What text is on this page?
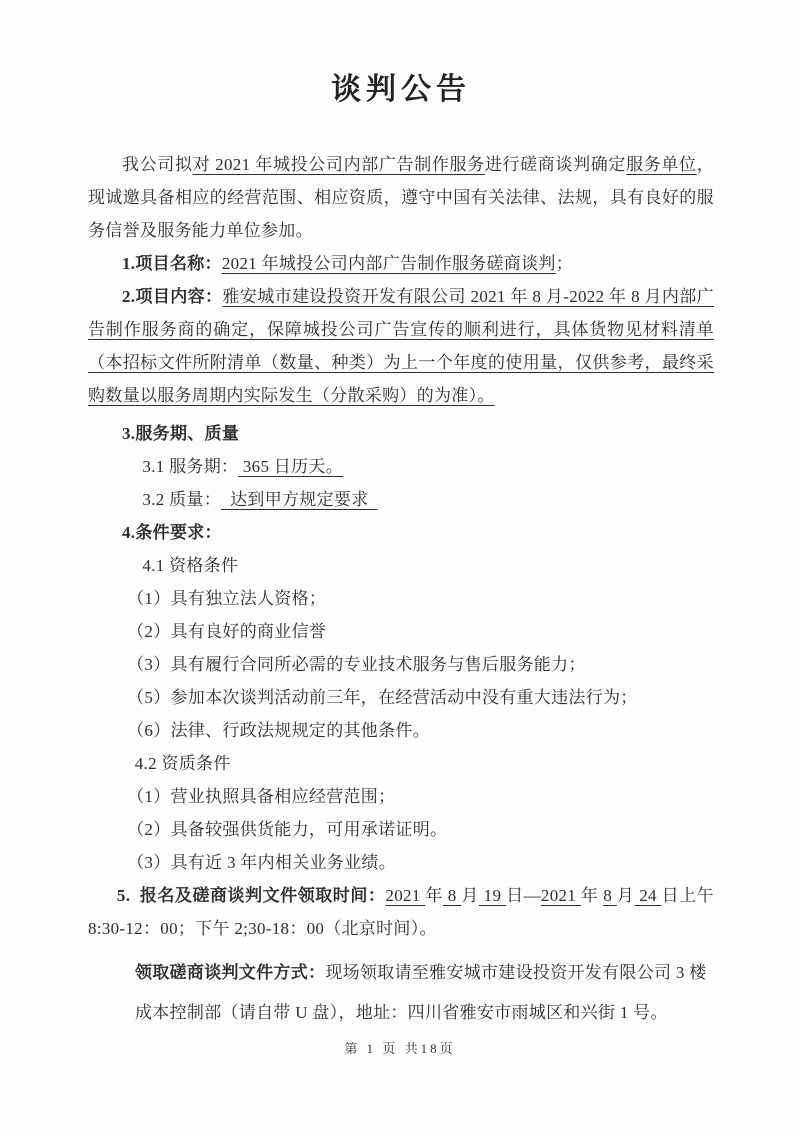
谈判公告

我公司拟对 2021 年城投公司内部广告制作服务进行磋商谈判确定服务单位，现诚邀具备相应的经营范围、相应资质，遵守中国有关法律、法规，具有良好的服务信誉及服务能力单位参加。

1.项目名称：2021 年城投公司内部广告制作服务磋商谈判；

2.项目内容：雅安城市建设投资开发有限公司 2021 年 8 月-2022 年 8 月内部广告制作服务商的确定，保障城投公司广告宣传的顺利进行，具体货物见材料清单（本招标文件所附清单（数量、种类）为上一个年度的使用量，仅供参考，最终采购数量以服务周期内实际发生（分散采购）的为准）。

3.服务期、质量

3.1 服务期： 365 日历天。

3.2 质量：  达到甲方规定要求

4.条件要求：

4.1 资格条件

（1）具有独立法人资格；

（2）具有良好的商业信誉

（3）具有履行合同所必需的专业技术服务与售后服务能力；

（5）参加本次谈判活动前三年，在经营活动中没有重大违法行为；

（6）法律、行政法规规定的其他条件。

4.2 资质条件

（1）营业执照具备相应经营范围；

（2）具备较强供货能力，可用承诺证明。

（3）具有近 3 年内相关业务业绩。

5.  报名及磋商谈判文件领取时间：2021 年 8 月 19 日—2021 年 8 月 24 日上午 8:30-12：00；下午 2;30-18：00（北京时间）。

领取磋商谈判文件方式：现场领取请至雅安城市建设投资开发有限公司 3 楼成本控制部（请自带 U 盘），地址：四川省雅安市雨城区和兴街 1 号。

第 1 页 共18页
